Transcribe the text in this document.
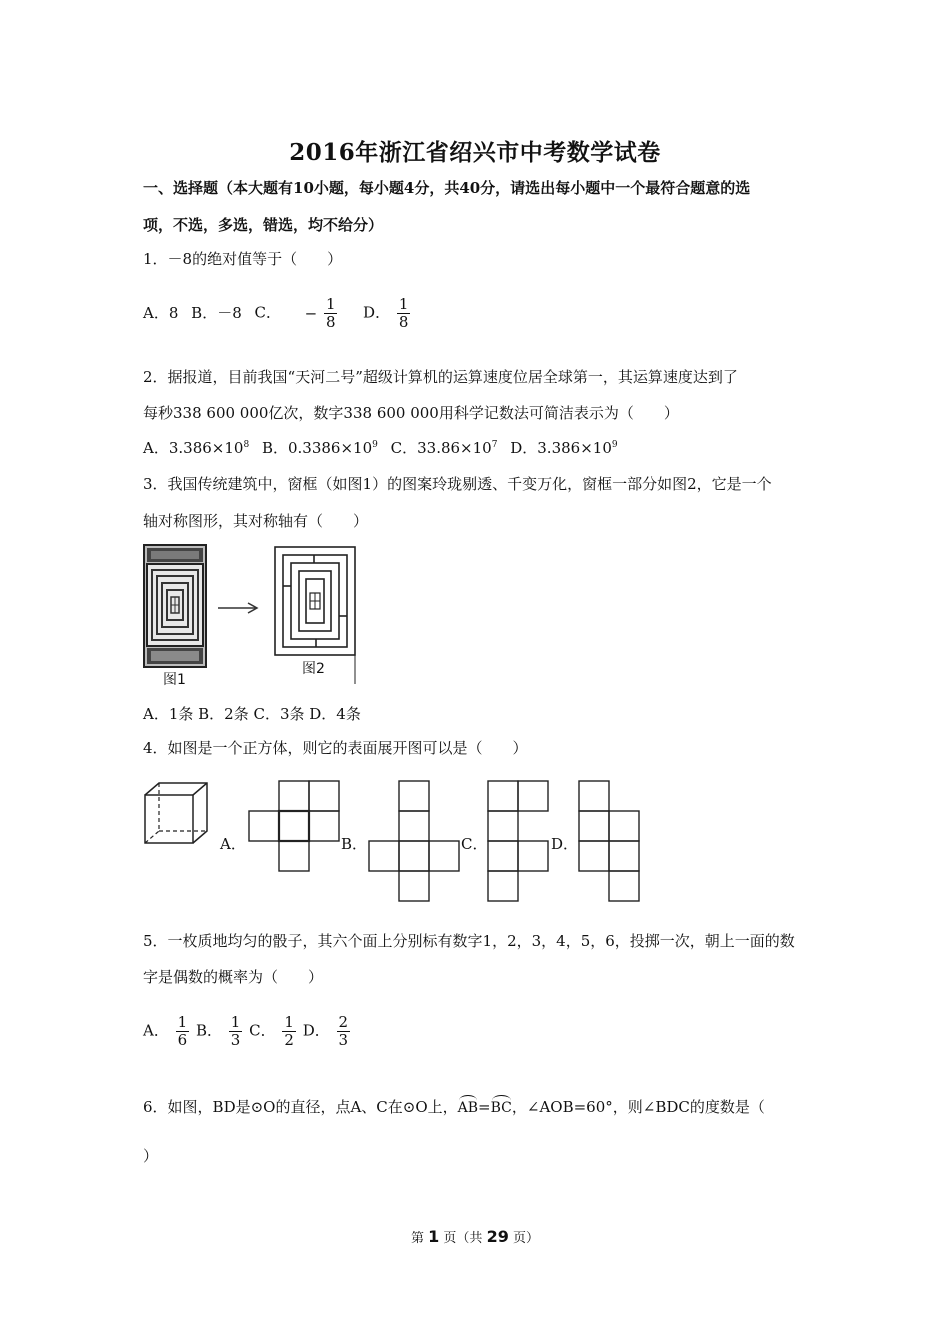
2016年浙江省绍兴市中考数学试卷
一、选择题（本大题有10小题，每小题4分，共40分，请选出每小题中一个最符合题意的选
项，不选，多选，错选，均不给分）
1．－8的绝对值等于（　　）
A．8 B．－8 C． − $\frac{1}{8}$ D． $\frac{1}{8}$
2．据报道，目前我国“天河二号”超级计算机的运算速度位居全球第一，其运算速度达到了
每秒338 600 000亿次，数字338 600 000用科学记数法可简洁表示为（　　）
A．$3.386\times 10^8$ B．$0.3386\times 10^9$ C．$33.86\times 10^7$ D．$3.386\times 10^9$
3．我国传统建筑中，窗框（如图1）的图案玲珑剔透、千变万化，窗框一部分如图2，它是一个
轴对称图形，其对称轴有（　　）
图1
图2
A．1条 B．2条 C．3条 D．4条
4．如图是一个正方体，则它的表面展开图可以是（　　）
A．	B．	C．	D．
5．一枚质地均匀的骰子，其六个面上分别标有数字1，2，3，4，5，6，投掷一次，朝上一面的数
字是偶数的概率为（　　）
A． $\frac{1}{6}$ B． $\frac{1}{3}$ C． $\frac{1}{2}$ D． $\frac{2}{3}$
6．如图，BD是⊙O的直径，点A、C在⊙O上，AB=BC，∠AOB=60°，则∠BDC的度数是（
）
第 1 页（共 29 页）
